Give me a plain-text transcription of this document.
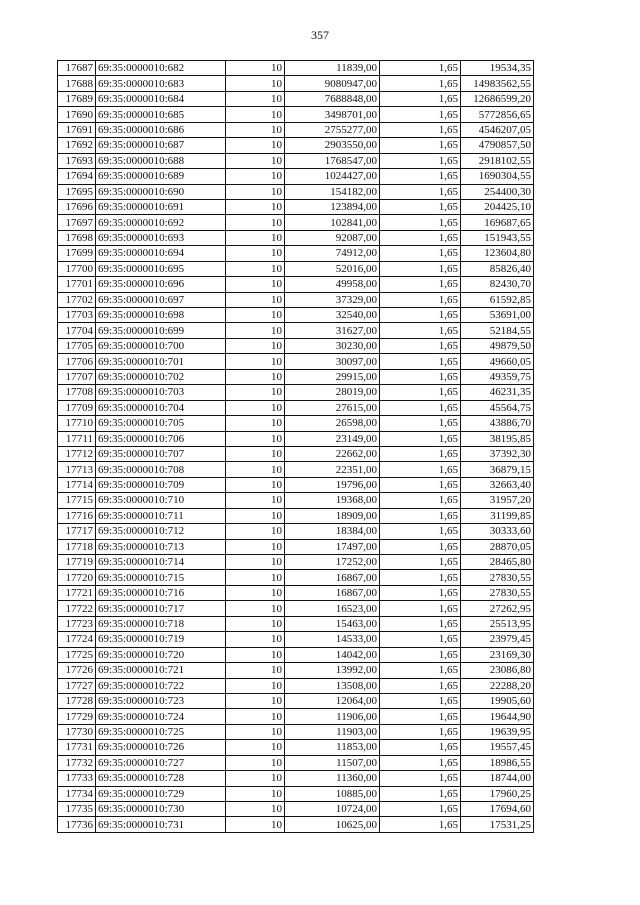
357
17687	69:35:0000010:682	10	11839,00	1,65	19534,35
17688	69:35:0000010:683	10	9080947,00	1,65	14983562,55
17689	69:35:0000010:684	10	7688848,00	1,65	12686599,20
17690	69:35:0000010:685	10	3498701,00	1,65	5772856,65
17691	69:35:0000010:686	10	2755277,00	1,65	4546207,05
17692	69:35:0000010:687	10	2903550,00	1,65	4790857,50
17693	69:35:0000010:688	10	1768547,00	1,65	2918102,55
17694	69:35:0000010:689	10	1024427,00	1,65	1690304,55
17695	69:35:0000010:690	10	154182,00	1,65	254400,30
17696	69:35:0000010:691	10	123894,00	1,65	204425,10
17697	69:35:0000010:692	10	102841,00	1,65	169687,65
17698	69:35:0000010:693	10	92087,00	1,65	151943,55
17699	69:35:0000010:694	10	74912,00	1,65	123604,80
17700	69:35:0000010:695	10	52016,00	1,65	85826,40
17701	69:35:0000010:696	10	49958,00	1,65	82430,70
17702	69:35:0000010:697	10	37329,00	1,65	61592,85
17703	69:35:0000010:698	10	32540,00	1,65	53691,00
17704	69:35:0000010:699	10	31627,00	1,65	52184,55
17705	69:35:0000010:700	10	30230,00	1,65	49879,50
17706	69:35:0000010:701	10	30097,00	1,65	49660,05
17707	69:35:0000010:702	10	29915,00	1,65	49359,75
17708	69:35:0000010:703	10	28019,00	1,65	46231,35
17709	69:35:0000010:704	10	27615,00	1,65	45564,75
17710	69:35:0000010:705	10	26598,00	1,65	43886,70
17711	69:35:0000010:706	10	23149,00	1,65	38195,85
17712	69:35:0000010:707	10	22662,00	1,65	37392,30
17713	69:35:0000010:708	10	22351,00	1,65	36879,15
17714	69:35:0000010:709	10	19796,00	1,65	32663,40
17715	69:35:0000010:710	10	19368,00	1,65	31957,20
17716	69:35:0000010:711	10	18909,00	1,65	31199,85
17717	69:35:0000010:712	10	18384,00	1,65	30333,60
17718	69:35:0000010:713	10	17497,00	1,65	28870,05
17719	69:35:0000010:714	10	17252,00	1,65	28465,80
17720	69:35:0000010:715	10	16867,00	1,65	27830,55
17721	69:35:0000010:716	10	16867,00	1,65	27830,55
17722	69:35:0000010:717	10	16523,00	1,65	27262,95
17723	69:35:0000010:718	10	15463,00	1,65	25513,95
17724	69:35:0000010:719	10	14533,00	1,65	23979,45
17725	69:35:0000010:720	10	14042,00	1,65	23169,30
17726	69:35:0000010:721	10	13992,00	1,65	23086,80
17727	69:35:0000010:722	10	13508,00	1,65	22288,20
17728	69:35:0000010:723	10	12064,00	1,65	19905,60
17729	69:35:0000010:724	10	11906,00	1,65	19644,90
17730	69:35:0000010:725	10	11903,00	1,65	19639,95
17731	69:35:0000010:726	10	11853,00	1,65	19557,45
17732	69:35:0000010:727	10	11507,00	1,65	18986,55
17733	69:35:0000010:728	10	11360,00	1,65	18744,00
17734	69:35:0000010:729	10	10885,00	1,65	17960,25
17735	69:35:0000010:730	10	10724,00	1,65	17694,60
17736	69:35:0000010:731	10	10625,00	1,65	17531,25
